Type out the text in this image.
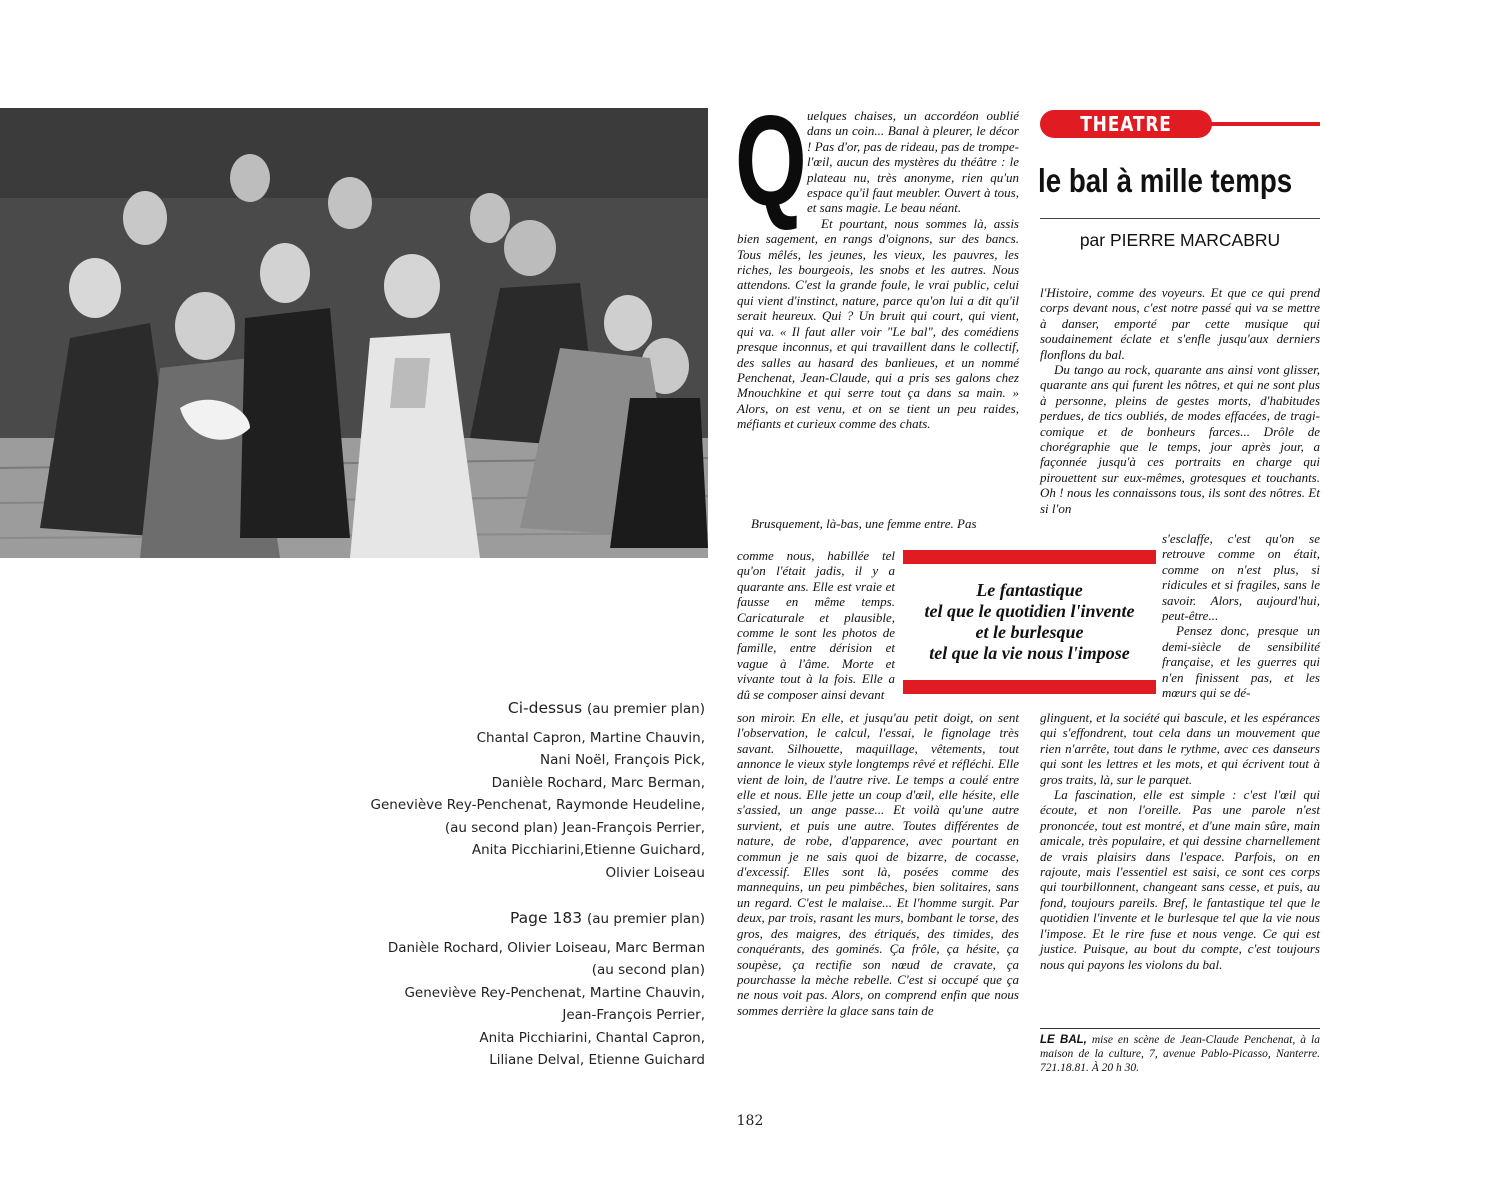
Ci-dessus (au premier plan)
Chantal Capron, Martine Chauvin,
Nani Noël, François Pick,
Danièle Rochard, Marc Berman,
Geneviève Rey-Penchenat, Raymonde Heudeline,
(au second plan) Jean-François Perrier,
Anita Picchiarini,Etienne Guichard,
Olivier Loiseau
Page 183 (au premier plan)
Danièle Rochard, Olivier Loiseau, Marc Berman
(au second plan)
Geneviève Rey-Penchenat, Martine Chauvin,
Jean-François Perrier,
Anita Picchiarini, Chantal Capron,
Liliane Delval, Etienne Guichard
Q uelques chaises, un accordéon oublié dans un coin... Banal à pleurer, le décor ! Pas d'or, pas de rideau, pas de trompe-l'œil, aucun des mystères du théâtre : le plateau nu, très anonyme, rien qu'un espace qu'il faut meubler. Ouvert à tous, et sans magie. Le beau néant.

Et pourtant, nous sommes là, assis bien sagement, en rangs d'oignons, sur des bancs. Tous mêlés, les jeunes, les vieux, les pauvres, les riches, les bourgeois, les snobs et les autres. Nous attendons. C'est la grande foule, le vrai public, celui qui vient d'instinct, nature, parce qu'on lui a dit qu'il serait heureux. Qui ? Un bruit qui court, qui vient, qui va. « Il faut aller voir "Le bal", des comédiens presque inconnus, et qui travaillent dans le collectif, des salles au hasard des banlieues, et un nommé Penchenat, Jean-Claude, qui a pris ses galons chez Mnouchkine et qui serre tout ça dans sa main. » Alors, on est venu, et on se tient un peu raides, méfiants et curieux comme des chats.

Brusquement, là-bas, une femme entre. Pas

comme nous, habillée tel qu'on l'était jadis, il y a quarante ans. Elle est vraie et fausse en même temps. Caricaturale et plausible, comme le sont les photos de famille, entre dérision et vague à l'âme. Morte et vivante tout à la fois. Elle a dû se composer ainsi devant

son miroir. En elle, et jusqu'au petit doigt, on sent l'observation, le calcul, l'essai, le fignolage très savant. Silhouette, maquillage, vêtements, tout annonce le vieux style longtemps rêvé et réfléchi. Elle vient de loin, de l'autre rive. Le temps a coulé entre elle et nous. Elle jette un coup d'œil, elle hésite, elle s'assied, un ange passe... Et voilà qu'une autre survient, et puis une autre. Toutes différentes de nature, de robe, d'apparence, avec pourtant en commun je ne sais quoi de bizarre, de cocasse, d'excessif. Elles sont là, posées comme des mannequins, un peu pimbêches, bien solitaires, sans un regard. C'est le malaise... Et l'homme surgit. Par deux, par trois, rasant les murs, bombant le torse, des gros, des maigres, des étriqués, des timides, des conquérants, des gominés. Ça frôle, ça hésite, ça soupèse, ça rectifie son nœud de cravate, ça pourchasse la mèche rebelle. C'est si occupé que ça ne nous voit pas. Alors, on comprend enfin que nous sommes derrière la glace sans tain de

THEATRE
le bal à mille temps
par PIERRE MARCABRU

l'Histoire, comme des voyeurs. Et que ce qui prend corps devant nous, c'est notre passé qui va se mettre à danser, emporté par cette musique qui soudainement éclate et s'enfle jusqu'aux derniers flonflons du bal.

Du tango au rock, quarante ans ainsi vont glisser, quarante ans qui furent les nôtres, et qui ne sont plus à personne, pleins de gestes morts, d'habitudes perdues, de tics oubliés, de modes effacées, de tragi-comique et de bonheurs farces... Drôle de chorégraphie que le temps, jour après jour, a façonnée jusqu'à ces portraits en charge qui pirouettent sur eux-mêmes, grotesques et touchants. Oh ! nous les connaissons tous, ils sont des nôtres. Et si l'on

s'esclaffe, c'est qu'on se retrouve comme on était, comme on n'est plus, si ridicules et si fragiles, sans le savoir. Alors, aujourd'hui, peut-être...

Pensez donc, presque un demi-siècle de sensibilité française, et les guerres qui n'en finissent pas, et les mœurs qui se dé-

glinguent, et la société qui bascule, et les espérances qui s'effondrent, tout cela dans un mouvement que rien n'arrête, tout dans le rythme, avec ces danseurs qui sont les lettres et les mots, et qui écrivent tout à gros traits, là, sur le parquet.

La fascination, elle est simple : c'est l'œil qui écoute, et non l'oreille. Pas une parole n'est prononcée, tout est montré, et d'une main sûre, main amicale, très populaire, et qui dessine charnellement de vrais plaisirs dans l'espace. Parfois, on en rajoute, mais l'essentiel est saisi, ce sont ces corps qui tourbillonnent, changeant sans cesse, et puis, au fond, toujours pareils. Bref, le fantastique tel que le quotidien l'invente et le burlesque tel que la vie nous l'impose. Et le rire fuse et nous venge. Ce qui est justice. Puisque, au bout du compte, c'est toujours nous qui payons les violons du bal.

Le fantastique
tel que le quotidien l'invente
et le burlesque
tel que la vie nous l'impose
LE BAL, mise en scène de Jean-Claude Penchenat, à la maison de la culture, 7, avenue Pablo-Picasso, Nanterre. 721.18.81. À 20 h 30.
182
